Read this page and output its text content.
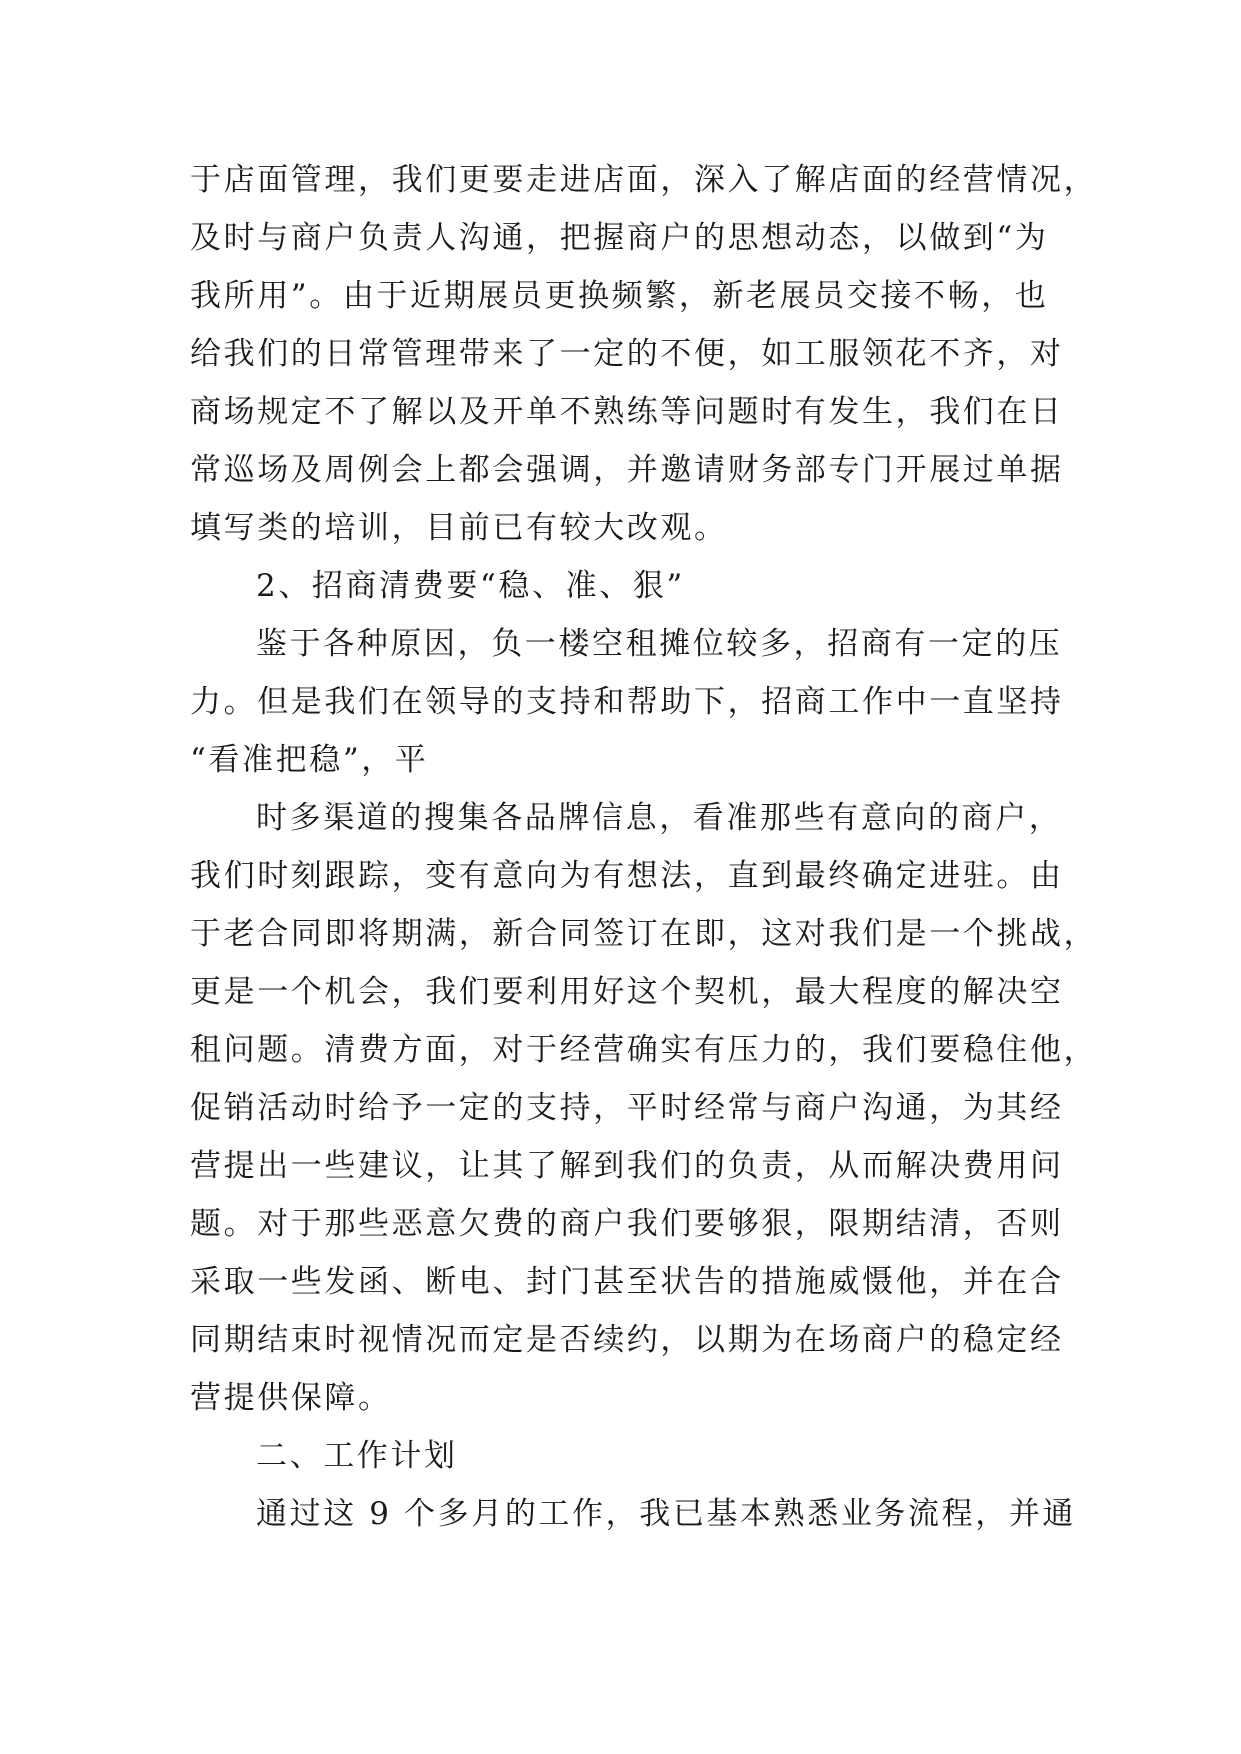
于店面管理，我们更要走进店面，深入了解店面的经营情况，
及时与商户负责人沟通，把握商户的思想动态，以做到“为
我所用”。由于近期展员更换频繁，新老展员交接不畅，也
给我们的日常管理带来了一定的不便，如工服领花不齐，对
商场规定不了解以及开单不熟练等问题时有发生，我们在日
常巡场及周例会上都会强调，并邀请财务部专门开展过单据
填写类的培训，目前已有较大改观。
2、招商清费要“稳、准、狠”
鉴于各种原因，负一楼空租摊位较多，招商有一定的压
力。但是我们在领导的支持和帮助下，招商工作中一直坚持
“看准把稳”，平
时多渠道的搜集各品牌信息，看准那些有意向的商户，
我们时刻跟踪，变有意向为有想法，直到最终确定进驻。由
于老合同即将期满，新合同签订在即，这对我们是一个挑战，
更是一个机会，我们要利用好这个契机，最大程度的解决空
租问题。清费方面，对于经营确实有压力的，我们要稳住他，
促销活动时给予一定的支持，平时经常与商户沟通，为其经
营提出一些建议，让其了解到我们的负责，从而解决费用问
题。对于那些恶意欠费的商户我们要够狠，限期结清，否则
采取一些发函、断电、封门甚至状告的措施威慑他，并在合
同期结束时视情况而定是否续约，以期为在场商户的稳定经
营提供保障。
二、工作计划
通过这 9 个多月的工作，我已基本熟悉业务流程，并通
